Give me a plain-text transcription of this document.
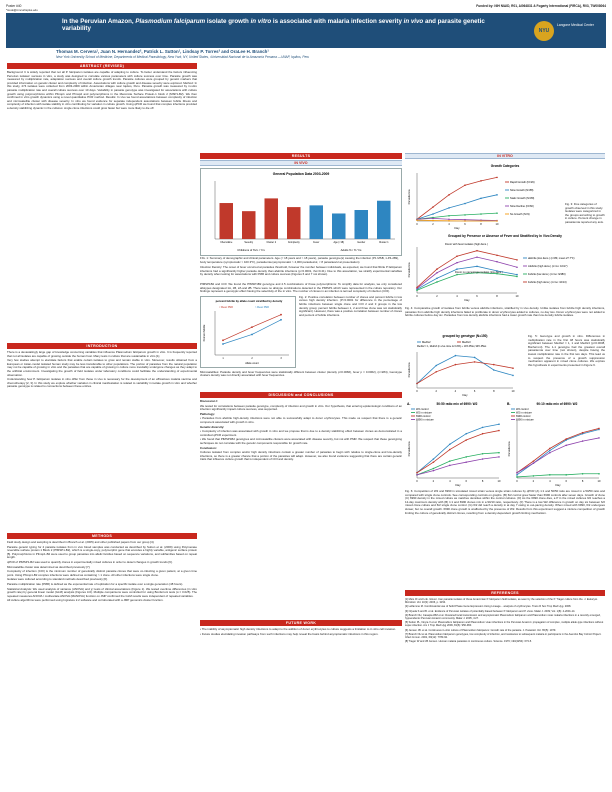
Poster #40
*tcook@nmcurtisplus.edu
Funded by: NIH NIAID, R01, AI064831 & Fogarty International (FIRCA), R03, TW008064
In the Peruvian Amazon, Plasmodium falciparum isolate growth in vitro is associated with malaria infection severity in vivo and parasite genetic variability	NYU
Langone Medical Center
Thomas M. Cervera¹, Juan N. Hernandez², Patrick L. Sutton¹, Lindsay P. Torres³ and OraLee H. Branch¹
New York University School of Medicine, Departments of Medical Parasitology, New York, NY, United States, ¹Universidad Nacional de la Amazonía Peruana —UNAP, Iquitos, Peru
ABSTRACT (REVISED)
Background: It is widely reported that not all P. falciparum isolates are capable of adapting to culture. To better understand the factors influencing Peruvian isolates' success in vitro, a study was designed to correlate various parameters with culture success over time. Parasite growth was measured by multiplication rate, adaptation success and overall culture growth trends. Parasite cultures were grouped by genetic markers that provided information on genetic cluster and complexity of infection. Associations with culture growth and disease severity were explored. Method: In this study, 274 isolates were collected from 2003-2009 within Amazonian villages near Iquitos, Peru. Parasite growth was measured by in-vitro parasite multiplication rate and overall culture success over 10 days. Variability in parasite genotype was investigated for associations with culture growth using polymorphisms within Pfmsp1 and Pfmsp2 and polymorphisms in the Merozoite Surface Protein-1 block 2 (MSP1-B2). We then confirmed in vitro growth dynamics using a novel quantitative PCR method. Results: In vivo we found associations between complexity of infection and microsatellite cluster with disease severity. In vitro we found evidence for separate independent associations between febrile illness and complexity of infection with isolate stability in vitro contributing for variation in culture growth. Using qPCR we found that complex infections provided a density stabilizing dynamic in the cultures: single clone infections could grow faster but were more likely to die off.
INTRODUCTION

There is a devastatingly large gap of knowledge concerning variables that influence Plasmodium falciparum growth in vitro. It is frequently reported that not all isolates are capable of growing outside the human host. Many tests in culture that are sustainable in vitro [1].

Very few studies attempt to elucidate factors that enable certain isolates to grow and remain stable in vitro. Moreover, results obtained from a European or Asian-model isolated human study may be less transferable to other populations. The portion of parasites from the natural population may not be capable of growing in vitro and the parasites that are capable of growing in culture more inevitably undergone changes as they adapt to the artificial environment. Investigating the growth of field isolates under laboratory conditions could facilitate the understanding of experimental observation.

Understanding how P. falciparum isolates in vitro differ from those in vivo is necessary for the development of an efficacious malaria vaccine and chemotherapy [2, 3]. In this study we explore whether variation in clinical manifestation is related to variability in isolate growth in vitro and whether parasite genotype is related to connections between these entries.

METHODS

Field study design and sampling is described in Branch et al. (2005) and other published papers from our group [4].

Parasite genetic typing for 4 parasite isolates from in vivo blood samples was conducted as described by Sutton et al. (2009) using Polymerase reversible surface protein 1 Block 2 (PfMSP1-B2), which is a single-copy, polymorphic gene that encodes a highly variable, antigenic surface protein [5]. Polymorphisms in Pfmsp1-B2 were used to group parasites into allelic families based on sequence variations, and subfamilies based on repeat length.

qPCR of PfMSP1-B2 was used to quantify clones in experimentally mixed cultures in order to detect changes in growth trends [6].

Microsatellite cluster was determined as described previously [7].

Complexity of infection (COI) is the minimum number of genetically distinct parasite clones that were co-infecting a given patient, at a given time point. Using Pfmsp1-B2 complex infections were defined as containing > 1 clone. All other infections were single clone.

Isolates were cultured according to standard methods described previously [6].

Parasite multiplication rate (PMR) is defined as the exponential rate of replication for a specific isolate over a single generation (48 hours).

Statistical Analysis: We used analysis of variance (ANOVA) and χ² tests of clinical associations (Figure 1). We tested overtime differences (in vitro growth rate) by general linear model (GLM) analysis (Figures 3-6). Multiple comparisons were controlled for using Bonferroni tests (α = 0.025). The repeated measures ANOVA / multivariate ANOVA (MANOVA) function on JMP confirmed the GLM results were independent of repeated variables.

All culture algorithms were performed using Ingrature 2.2 software and corroborated with a JMP genomics cluster function.

RESULTS
IN VIVO
General Population Data 2003-2009
Chemokine	Severity	Cluster 2	Complexity	Fever	Age (<18)	Gender	Cluster 1
Childrens of %/∞ / Yrs	Adults % / % Yrs
FIG. 1: Summary of demographic and clinical parameters. Age (< 18 years and > 18 years), parasite genotype(s) causing the infection (P1 MSB, 1-P4-289), body temperature (symptomatic > 100.3°F), parasitemia (asymptomatic > 4,000 parasites/ul, < 8 parasites/ul at presentation)
Infection Density: The onset of fever occurred at parasites threshold, however the number between individuals, as expected, we found that fibrile P falciparum infections had a significantly higher parasite density than afebrile infections (p<0.0001, rho=0.41). Due to this association, we stratify experimental variables by density when testing for associations with PMR and culture success (Figures 6 and 7 not shown).
PfMSP1B2 and COI: We found the PfMSP1B2 genotype and 2.5 combinations of those polymorphisms: To simplify data for analysis, we only considered allotypes designated 1A, 1B, 2A and 2B. There were no allotype combinations detected in the PfMSP1 which were represented in the culture repository. Our findings represent a genotypic effect having the selectivity of the in vitro. The number of clones in an infection is termed complexity of infection (COI).
percent febrile by allele count stratified by density
< Mean PMR	> Mean PMR
1	2	3
Allele count
Percent febrile
Fig. 2: Positive correlation between number of clones and percent febrile in low versus high density infection. (P<0.0001 for difference in the percentage of febrile infections between single clone and COI 2 and 3 groups in the low density group; percent febrile between 1, 2 and three clone was not statistically significant). However, there was a positive correlation between number of clones and percent of febrile infections.
Microsatellites: Parasite density and fever frequencies were statistically different between cluster (density p=0.0066), fever p = 0.0062), (n=284), Genotype clusters density was not directly associated with fever frequencies.
DISCUSSION and CONCLUSIONS

Discussion I:

We tested for correlations between parasite genotype, complexity of infection and growth in vitro. Our hypothesis, that entering epidemiologic conditions of an infection significantly impact culture success, was supported.

Pathology:

• Parasites from afebrile high-density infections were not able to successfully adapt to donor erythrocytes. This made us suspect that there is a genetic component associated with growth in vitro.

Genetic diversity:

• Complexity of infection was associated with growth in vitro and we propose that is due to a density stabilizing effect between clones as demonstrated in a controlled qPCR experiment.

• We found that PfMSP1B2 genotypes and microsatellite clusters were associated with disease severity, but not with PMR. We suspect that these genotyping techniques do not correlate with the genetic components responsible for growth rate.

Conclusion:

Cultures isolated from complex and/or high density infections contain a greater number of parasites to begin with relative to single-clone and low-density infections, so there is a greater chance that a portion of the parasites will adapt. However, we also found evidence suggesting that there are certain genetic traits that influence culture growth that is independent of COI and density.

FUTURE WORK

• The inability of asymptomatic high density infections to adapt to the addition of donor erythrocytes to culture suggests a limitation to in vitro cell invasion.

• Future studies elucidating invasion pathways from such infections may help reveal the basis behind asymptomatic infections in this region.

IN VITRO
Growth Categories
0	2	4	6	8	10
Day
Parasitemia
Rapid Growth (N=29)
Slow Growth (N=88)
Static Growth (N=89)
Slow Decline (N=60)
No Growth (N=9)
Fig. 3: Five categories of growth observed in this study. Isolates were categorized in the groups according to growth in culture. Percent change in parasitemia reported any axis.
Grouped by Presence or Absence of Fever and Stratified by In Vivo Density
0	2	4	6	8	10
Day
Parasitemia
afebrile (low dens.) (n=89, mean 27.7°F)
Afebrile (high dens.) (n=no: 10/17)
Febrile (low dens.) (n=no: 9/480)
Febrile (high dens.) (n=no: 10/13)
Donor with fever isolates (high dens.)
Donor no gametocyte isolates (low dens.)
Fig. 4: Comparative growth of isolates from febrile versus afebrile infections, stratified by in vivo density. Unlike isolates from febrile high density infections, parasites from afebrile high density infections failed to proliferate in donor erythrocytes added to cultures, no day two. Donor erythrocytes were not added to febrile cultures before day six. Parasites from low density afebrile infections had a lower growth rate than low density febrile isolates.
grouped by genotype (N=150)
0	2	4	6	8	10
Day
Parasitemia
MedG2	MedG3
MedG2 = 1, MedG3 (in vivo clone 12.0-8%) ≤ 10% PMet, 90% PMet
Fig. 5: Genotype and growth in vitro. Differences in multiplication rate in the first 48 hours was statistically significant between MedG2 = 1, 1 and MedG3 (p=0.0038, Bonferroni). The 1-1 genotype had the greatest overall parasitemia over time (not shown), despite having the lowest multiplication rate in the first two days. This lead us to suspect the presence of a growth suppression mechanism apparent in mixed clone cultures. We explore this hypothesis in experiments presented in Figure 6.
A.	50:50 ratio mix of 6990: W2
0	2	4	6	8	10
Day
Parasitemia
W2 control
W2 in mixture
6990 control
6990 in mixture
B.	90:10 ratio mix of 6990: W2
0	2	4	6	8	10
Day
Parasitemia
W2 control
W2 in mixture
6990 control
6990 in mixture
Fig. 6: Competition of W2 and 6990 in simulated mixed strain versus single strain cultures by qPCR (A) 1:1 and 50/50 ratio are mixed in a 50/50 ratio and compared with single clone controls. See corresponding controls on graphs. (B) 6/2 control grew faster than 6990 controls after seven days. Growth of clone (C) 6990 density in the mixed culture as matches densities within the control cultures. (D) As the 6990 clone dies, a P in the mixed cultures 9/2 reaches a 12-day maximum density with (B) 1:1 and 6990 clones mix in a 90/10 ratio, respectively. (F) There is a low W2 difference in growth on day six between 6/2 mixed clone culture and 6/2 single clone control. (G) 6/2 did reach a density in at day 7 owing to out-pacing density. When mixed with 6990, 6/2 undergoes slower, but no overall growth. 6990 clone growth is unaffected by the presence of W2. Results from this experiment suggest a mixture competition of growth limiting the culture of genetically distinct clones, resulting from a density-dependent growth limiting mechanism.
REFERENCES

[1] Meis JF and H.E. Glover. Can parasite isolates of these Amazonian P. falciparum field isolates, as seen by the selection of the P. Trager culture from the. J. Eukaryot. Microbiol. Vol. 10(3): 2006, p. 3154.

[2] Leflamme M. Combinatorial use of Solid Phase Gene Expression Using Lineage... analysis of erythrocytes. Trans R Soc Trop Med Hyg. 2008.

[3] Orjuela S and B. et al. Evidence of Peruvian isolates of potentially biased between P. falciparum and P. vivax. Malar J. 2009; Vol. 1(8): 4-2001-14.

[4] Branch OH, Casapia WM et al. Clustered local transmission and asymptomatic Plasmodium falciparum and Plasmodium vivax malaria infections in a recently emerged, hypoendemic Peruvian Amazon community. Malar J. 2005, 4:27.

[5] Sutton PL, Neyra V et al. Plasmodium falciparum and Plasmodium vivax infections in the Peruvian Amazon: propagation of complex, multiple allele-type infections without super-infection. Am J Trop Med Hyg 2009, 81(6): 950-960.

[6] Jensen JB. et al. Continuous in-vitro culture of Plasmodium falciparum: Growth rate of the parasite. J. Parasitol. Vol. 65(5): 1979.

[7] Branch OH et al. Plasmodium falciparum genotypes, low complexity of infection, and resistance to subsequent malaria in participants in the Asembo Bay Cohort Project. Infect Immun. 2001, 69(12): 7783-92.

[8] Trager W and JB Jensen. Human malaria parasites in continuous culture. Science. 1976; 193(4254): 673-5.
